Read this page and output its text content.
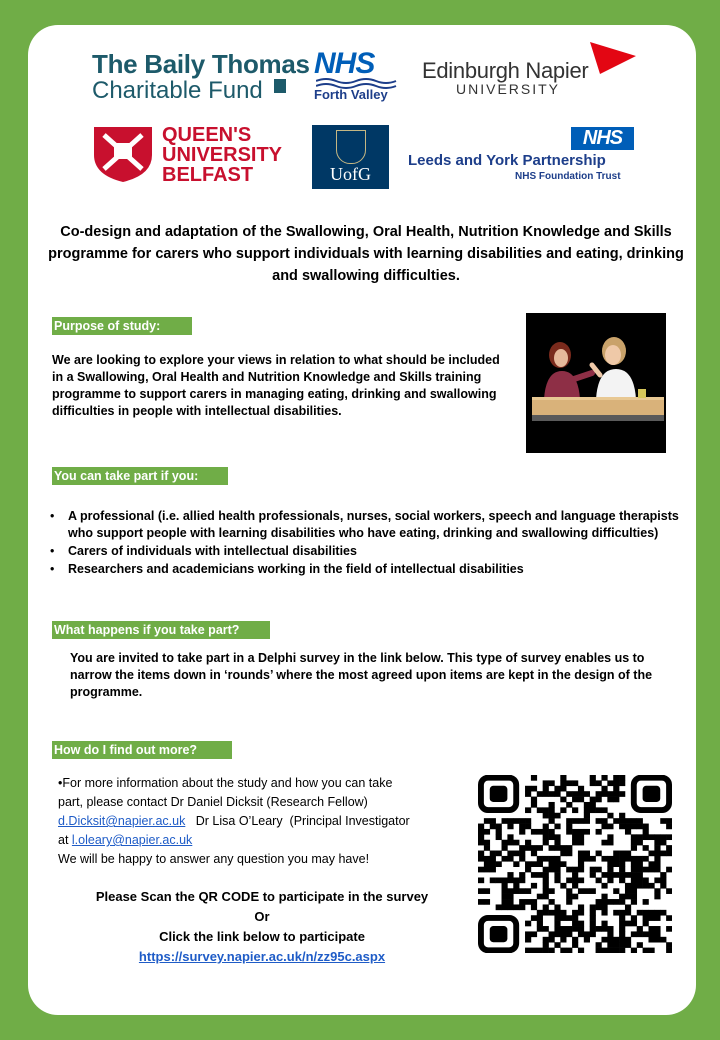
The Baily Thomas
Charitable Fund
NHS
Forth Valley
Edinburgh Napier
UNIVERSITY
QUEEN'S
UNIVERSITY
BELFAST	UofG
NHS
Leeds and York Partnership
NHS Foundation Trust
Co-design and adaptation of the Swallowing, Oral Health, Nutrition Knowledge and Skills programme for carers who support individuals with learning disabilities and eating, drinking and swallowing difficulties.
Purpose of study:
We are looking to explore your views in relation to what should be included in a Swallowing, Oral Health and Nutrition Knowledge and Skills training programme to support carers in managing eating, drinking and swallowing difficulties in people with intellectual disabilities.
You can take part if you:
• A professional (i.e. allied health professionals, nurses, social workers, speech and language therapists who support people with learning disabilities who have eating, drinking and swallowing difficulties)
• Carers of individuals with intellectual disabilities
• Researchers and academicians working in the field of intellectual disabilities
What happens if you take part?
You are invited to take part in a Delphi survey in the link below. This type of survey enables us to narrow the items down in ‘rounds’ where the most agreed upon items are kept in the design of the programme.
How do I find out more?
•For more information about the study and how you can take
part, please contact Dr Daniel Dicksit (Research Fellow)
d.Dicksit@napier.ac.uk   Dr Lisa O’Leary  (Principal Investigator
at l.oleary@napier.ac.uk
We will be happy to answer any question you may have!
Please Scan the QR CODE to participate in the survey
Or
Click the link below to participate
https://survey.napier.ac.uk/n/zz95c.aspx
